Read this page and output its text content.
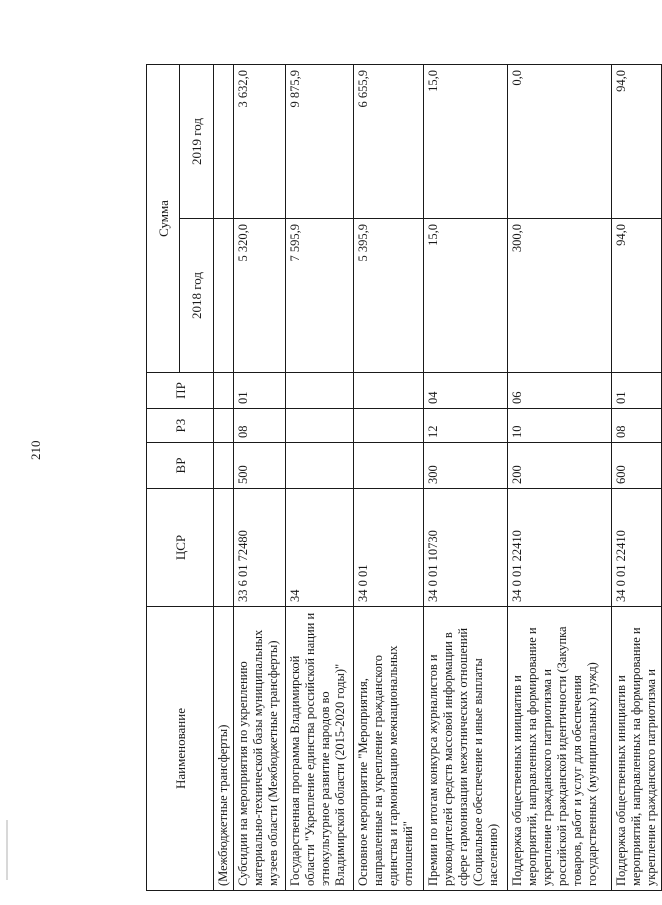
210
Наименование	ЦСР	ВР	РЗ	ПР	Сумма	
					2018 год	2019 год
(Межбюджетные трансферты)						
Субсидии на мероприятия по укреплению материально-технической базы муниципальных музеев области (Межбюджетные трансферты)	33 6 01 72480	500	08	01	5 320,0	3 632,0
Государственная программа Владимирской области "Укрепление единства российской нации и этнокультурное развитие народов во Владимирской области (2015-2020 годы)"	34				7 595,9	9 875,9
Основное мероприятие "Мероприятия, направленные на укрепление гражданского единства и гармонизацию межнациональных отношений"	34 0 01				5 395,9	6 655,9
Премии по итогам конкурса журналистов и руководителей средств массовой информации в сфере гармонизации межэтнических отношений (Социальное обеспечение и иные выплаты населению)	34 0 01 10730	300	12	04	15,0	15,0
Поддержка общественных инициатив и мероприятий, направленных на формирование и укрепление гражданского патриотизма и российской гражданской идентичности (Закупка товаров, работ и услуг для обеспечения государственных (муниципальных) нужд)	34 0 01 22410	200	10	06	300,0	0,0
Поддержка общественных инициатив и мероприятий, направленных на формирование и укрепление гражданского патриотизма и	34 0 01 22410	600	08	01	94,0	94,0
